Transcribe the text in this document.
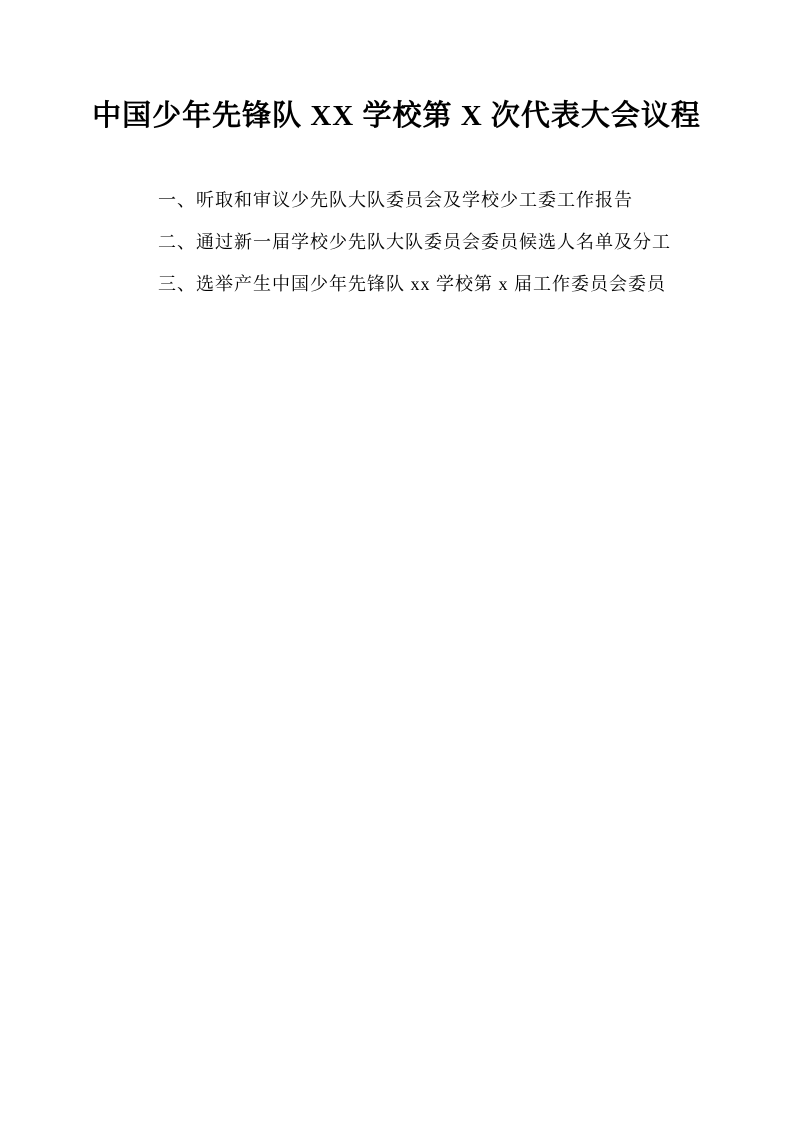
中国少年先锋队 XX 学校第 X 次代表大会议程

一、听取和审议少先队大队委员会及学校少工委工作报告

二、通过新一届学校少先队大队委员会委员候选人名单及分工

三、选举产生中国少年先锋队 xx 学校第 x 届工作委员会委员
